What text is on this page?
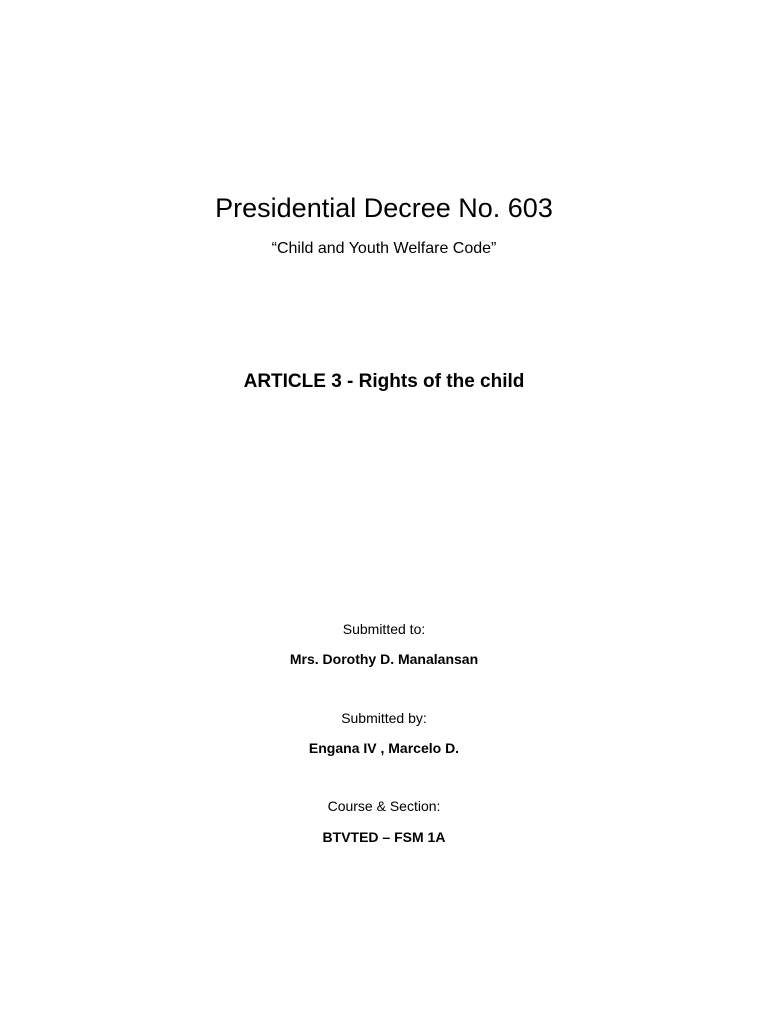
Presidential Decree No. 603
“Child and Youth Welfare Code”
ARTICLE 3 - Rights of the child
Submitted to:
Mrs. Dorothy D. Manalansan
Submitted by:
Engana IV , Marcelo D.
Course & Section:
BTVTED – FSM 1A
